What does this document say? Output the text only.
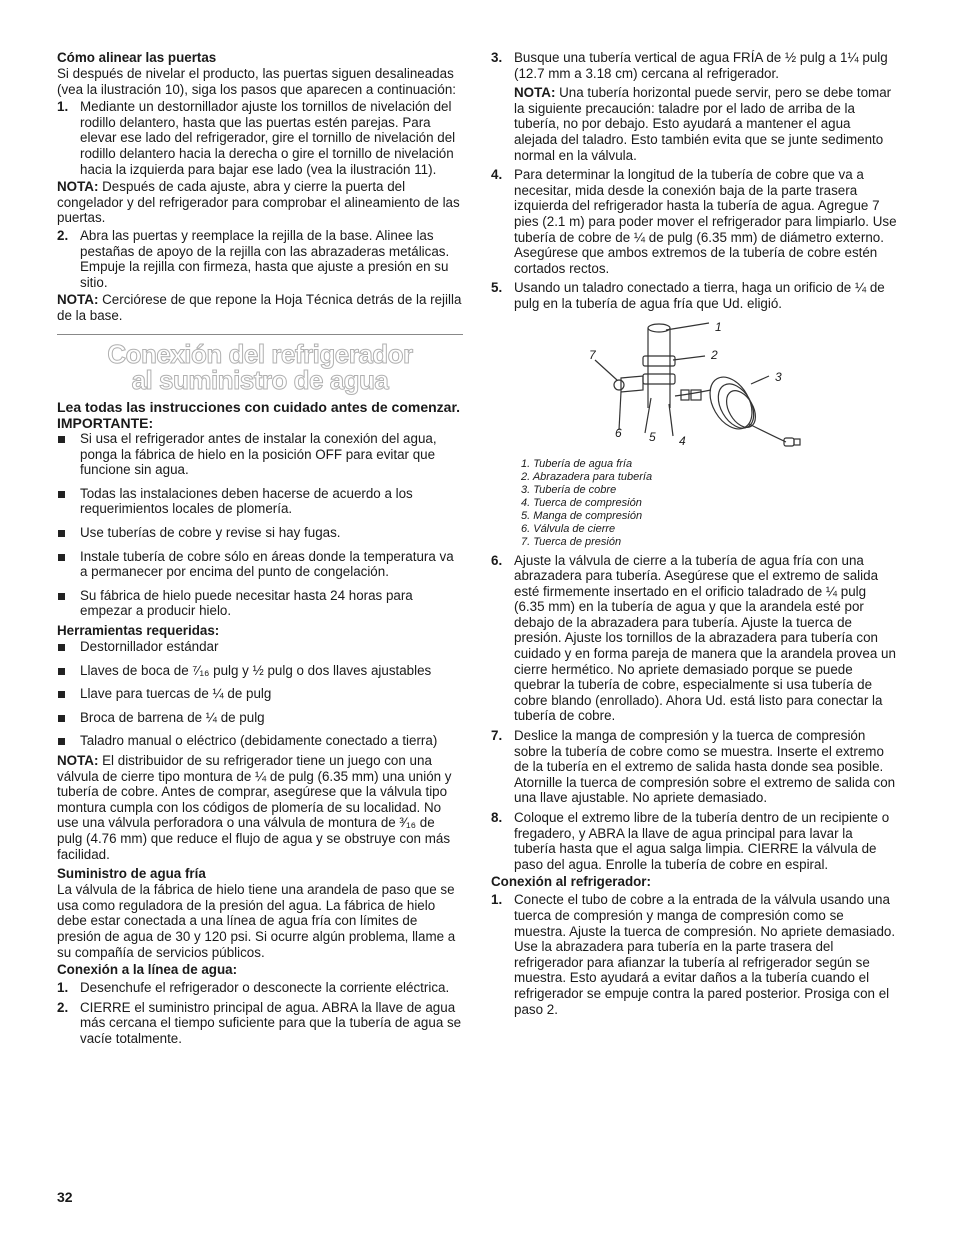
Cómo alinear las puertas

Si después de nivelar el producto, las puertas siguen desalineadas (vea la ilustración 10), siga los pasos que aparecen a continuación:

1. Mediante un destornillador ajuste los tornillos de nivelación del rodillo delantero, hasta que las puertas estén parejas. Para elevar ese lado del refrigerador, gire el tornillo de nivelación del rodillo delantero hacia la derecha o gire el tornillo de nivelación hacia la izquierda para bajar ese lado (vea la ilustración 11).

NOTA: Después de cada ajuste, abra y cierre la puerta del congelador y del refrigerador para comprobar el alineamiento de las puertas.

2. Abra las puertas y reemplace la rejilla de la base. Alinee las pestañas de apoyo de la rejilla con las abrazaderas metálicas. Empuje la rejilla con firmeza, hasta que ajuste a presión en su sitio.

NOTA: Cerciórese de que repone la Hoja Técnica detrás de la rejilla de la base.

Conexión del refrigerador
al suministro de agua
Lea todas las instrucciones con cuidado antes de comenzar.
IMPORTANTE:

Si usa el refrigerador antes de instalar la conexión del agua, ponga la fábrica de hielo en la posición OFF para evitar que funcione sin agua.

Todas las instalaciones deben hacerse de acuerdo a los requerimientos locales de plomería.

Use tuberías de cobre y revise si hay fugas.

Instale tubería de cobre sólo en áreas donde la temperatura va a permanecer por encima del punto de congelación.

Su fábrica de hielo puede necesitar hasta 24 horas para empezar a producir hielo.

Herramientas requeridas:

Destornillador estándar

Llaves de boca de ⁷⁄₁₆ pulg y ½ pulg o dos llaves ajustables

Llave para tuercas de ¼ de pulg

Broca de barrena de ¼ de pulg

Taladro manual o eléctrico (debidamente conectado a tierra)

NOTA: El distribuidor de su refrigerador tiene un juego con una válvula de cierre tipo montura de ¼ de pulg (6.35 mm) una unión y tubería de cobre. Antes de comprar, asegúrese que la válvula tipo montura cumpla con los códigos de plomería de su localidad. No use una válvula perforadora o una válvula de montura de ³⁄₁₆ de pulg (4.76 mm) que reduce el flujo de agua y se obstruye con más facilidad.

Suministro de agua fría

La válvula de la fábrica de hielo tiene una arandela de paso que se usa como reguladora de la presión del agua. La fábrica de hielo debe estar conectada a una línea de agua fría con límites de presión de agua de 30 y 120 psi. Si ocurre algún problema, llame a su compañía de servicios públicos.

Conexión a la línea de agua:
1. Desenchufe el refrigerador o desconecte la corriente eléctrica.

2. CIERRE el suministro principal de agua. ABRA la llave de agua más cercana el tiempo suficiente para que la tubería de agua se vacíe totalmente.

3. Busque una tubería vertical de agua FRÍA de ½ pulg a 1¼ pulg (12.7 mm a 3.18 cm) cercana al refrigerador.

NOTA: Una tubería horizontal puede servir, pero se debe tomar la siguiente precaución: taladre por el lado de arriba de la tubería, no por debajo. Esto ayudará a mantener el agua alejada del taladro. Esto también evita que se junte sedimento normal en la válvula.

4. Para determinar la longitud de la tubería de cobre que va a necesitar, mida desde la conexión baja de la parte trasera izquierda del refrigerador hasta la tubería de agua. Agregue 7 pies (2.1 m) para poder mover el refrigerador para limpiarlo. Use tubería de cobre de ¼ de pulg (6.35 mm) de diámetro externo. Asegúrese que ambos extremos de la tubería de cobre estén cortados rectos.

5. Usando un taladro conectado a tierra, haga un orificio de ¼ de pulg en la tubería de agua fría que Ud. eligió.

1
2
3
4
5
6
7
1. Tubería de agua fría
2. Abrazadera para tubería
3. Tubería de cobre
4. Tuerca de compresión
5. Manga de compresión
6. Válvula de cierre
7. Tuerca de presión
6. Ajuste la válvula de cierre a la tubería de agua fría con una abrazadera para tubería. Asegúrese que el extremo de salida esté firmemente insertado en el orificio taladrado de ¼ pulg (6.35 mm) en la tubería de agua y que la arandela esté por debajo de la abrazadera para tubería. Ajuste la tuerca de presión. Ajuste los tornillos de la abrazadera para tubería con cuidado y en forma pareja de manera que la arandela provea un cierre hermético. No apriete demasiado porque se puede quebrar la tubería de cobre, especialmente si usa tubería de cobre blando (enrollado). Ahora Ud. está listo para conectar la tubería de cobre.

7. Deslice la manga de compresión y la tuerca de compresión sobre la tubería de cobre como se muestra. Inserte el extremo de la tubería en el extremo de salida hasta donde sea posible. Atornille la tuerca de compresión sobre el extremo de salida con una llave ajustable. No apriete demasiado.

8. Coloque el extremo libre de la tubería dentro de un recipiente o fregadero, y ABRA la llave de agua principal para lavar la tubería hasta que el agua salga limpia. CIERRE la válvula de paso del agua. Enrolle la tubería de cobre en espiral.

Conexión al refrigerador:
1. Conecte el tubo de cobre a la entrada de la válvula usando una tuerca de compresión y manga de compresión como se muestra. Ajuste la tuerca de compresión. No apriete demasiado. Use la abrazadera para tubería en la parte trasera del refrigerador para afianzar la tubería al refrigerador según se muestra. Esto ayudará a evitar daños a la tubería cuando el refrigerador se empuje contra la pared posterior. Prosiga con el paso 2.

32
